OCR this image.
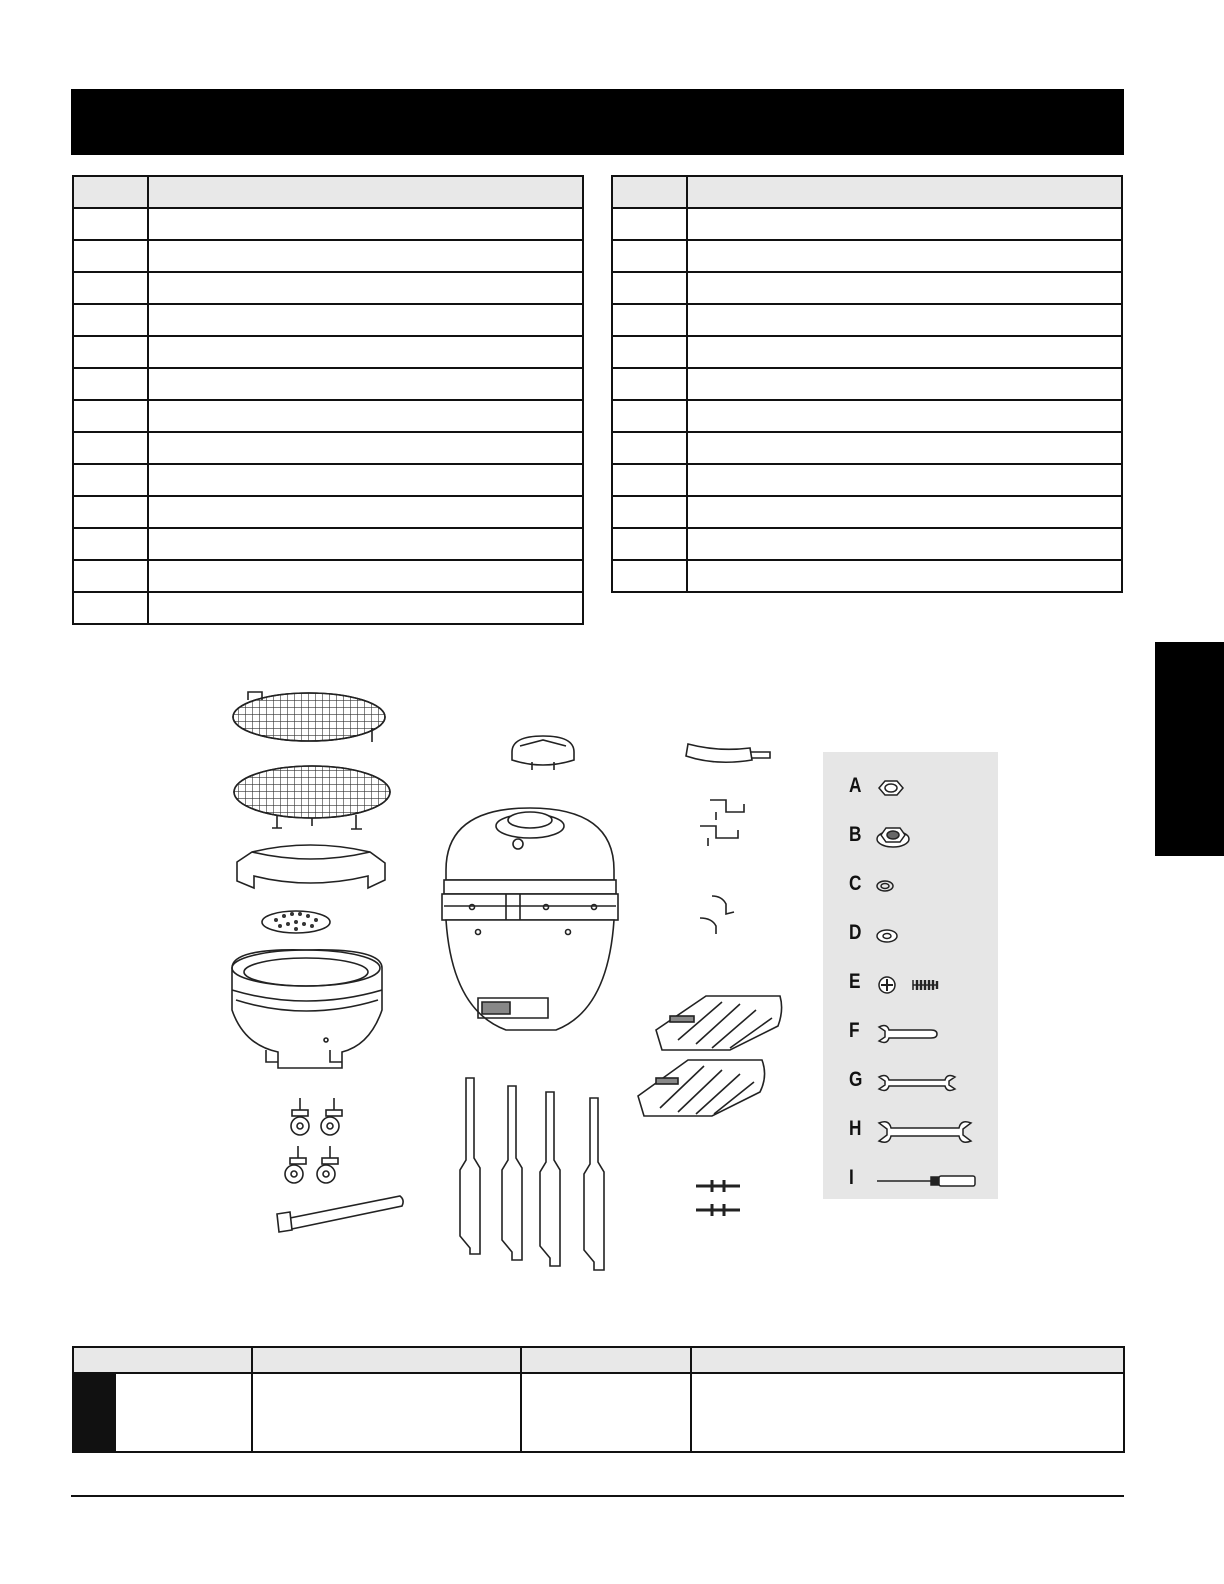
A
B
C
D
E
F
G
H
I
